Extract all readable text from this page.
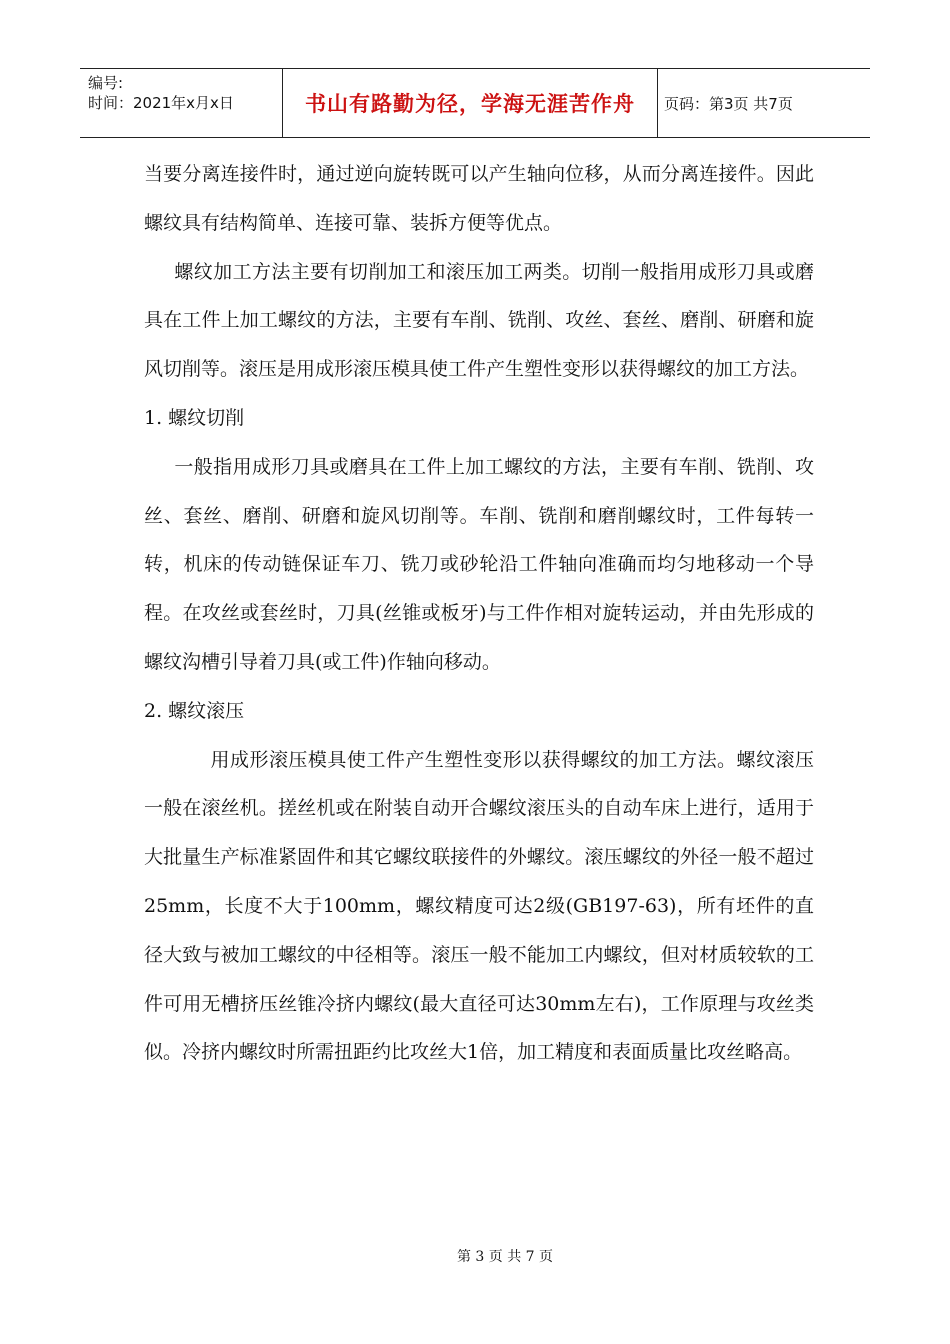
编号:
时间：2021年x月x日	书山有路勤为径，学海无涯苦作舟	页码：第3页 共7页

当要分离连接件时，通过逆向旋转既可以产生轴向位移，从而分离连接件。因此螺纹具有结构简单、连接可靠、装拆方便等优点。

螺纹加工方法主要有切削加工和滚压加工两类。切削一般指用成形刀具或磨具在工件上加工螺纹的方法，主要有车削、铣削、攻丝、套丝、磨削、研磨和旋风切削等。滚压是用成形滚压模具使工件产生塑性变形以获得螺纹的加工方法。

1. 螺纹切削

一般指用成形刀具或磨具在工件上加工螺纹的方法，主要有车削、铣削、攻丝、套丝、磨削、研磨和旋风切削等。车削、铣削和磨削螺纹时，工件每转一转，机床的传动链保证车刀、铣刀或砂轮沿工件轴向准确而均匀地移动一个导程。在攻丝或套丝时，刀具(丝锥或板牙)与工件作相对旋转运动，并由先形成的螺纹沟槽引导着刀具(或工件)作轴向移动。

2. 螺纹滚压

用成形滚压模具使工件产生塑性变形以获得螺纹的加工方法。螺纹滚压一般在滚丝机。搓丝机或在附装自动开合螺纹滚压头的自动车床上进行，适用于大批量生产标准紧固件和其它螺纹联接件的外螺纹。滚压螺纹的外径一般不超过25mm，长度不大于100mm，螺纹精度可达2级(GB197-63)，所有坯件的直径大致与被加工螺纹的中径相等。滚压一般不能加工内螺纹，但对材质较软的工件可用无槽挤压丝锥冷挤内螺纹(最大直径可达30mm左右)，工作原理与攻丝类似。冷挤内螺纹时所需扭距约比攻丝大1倍，加工精度和表面质量比攻丝略高。

第 3 页 共 7 页
